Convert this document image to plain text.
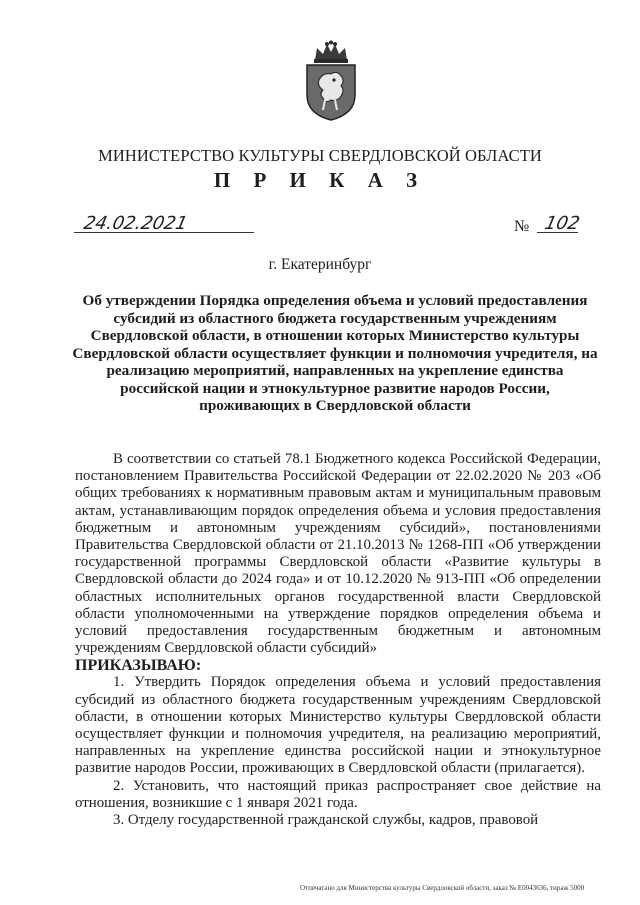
МИНИСТЕРСТВО КУЛЬТУРЫ СВЕРДЛОВСКОЙ ОБЛАСТИ
П Р И К А З
24.02.2021	№ 102
г. Екатеринбург
Об утверждении Порядка определения объема и условий предоставления субсидий из областного бюджета государственным учреждениям Свердловской области, в отношении которых Министерство культуры Свердловской области осуществляет функции и полномочия учредителя, на реализацию мероприятий, направленных на укрепление единства российской нации и этнокультурное развитие народов России, проживающих в Свердловской области

В соответствии со статьей 78.1 Бюджетного кодекса Российской Федерации, постановлением Правительства Российской Федерации от 22.02.2020 № 203 «Об общих требованиях к нормативным правовым актам и муниципальным правовым актам, устанавливающим порядок определения объема и условия предоставления бюджетным и автономным учреждениям субсидий», постановлениями Правительства Свердловской области от 21.10.2013 № 1268-ПП «Об утверждении государственной программы Свердловской области «Развитие культуры в Свердловской области до 2024 года» и от 10.12.2020 № 913-ПП «Об определении областных исполнительных органов государственной власти Свердловской области уполномоченными на утверждение порядков определения объема и условий предоставления государственным бюджетным и автономным учреждениям Свердловской области субсидий»

ПРИКАЗЫВАЮ:

1. Утвердить Порядок определения объема и условий предоставления субсидий из областного бюджета государственным учреждениям Свердловской области, в отношении которых Министерство культуры Свердловской области осуществляет функции и полномочия учредителя, на реализацию мероприятий, направленных на укрепление единства российской нации и этнокультурное развитие народов России, проживающих в Свердловской области (прилагается).

2. Установить, что настоящий приказ распространяет свое действие на отношения, возникшие с 1 января 2021 года.

3. Отделу государственной гражданской службы, кадров, правовой

Отпечатано для Министерства культуры Свердловской области, заказ № Е0043636, тираж 5000
